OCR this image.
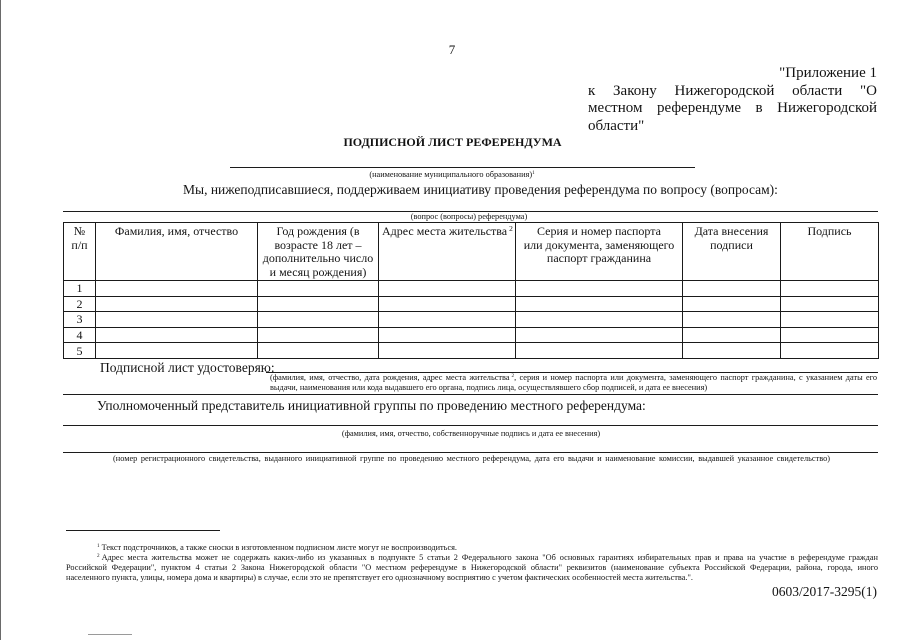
7
"Приложение 1
к Закону Нижегородской области "О
местном референдуме в Нижегородской
области"
ПОДПИСНОЙ ЛИСТ РЕФЕРЕНДУМА
(наименование муниципального образования)$^1$
Мы, нижеподписавшиеся, поддерживаем инициативу проведения референдума по вопросу (вопросам):
(вопрос (вопросы) референдума)
№
п/п	Фамилия, имя, отчество	Год рождения (в
возрасте 18 лет –
дополнительно число
и месяц рождения)	Адрес места жительства $^2$	Серия и номер паспорта
или документа, заменяющего
паспорт гражданина	Дата внесения
подписи	Подпись
1						
2						
3						
4						
5						
Подписной лист удостоверяю:
(фамилия, имя, отчество, дата рождения, адрес места жительства $^2$, серия и номер паспорта или документа, заменяющего паспорт гражданина, с указанием даты его
выдачи, наименования или кода выдавшего его органа, подпись лица, осуществлявшего сбор подписей, и дата ее внесения)
Уполномоченный представитель инициативной группы по проведению местного референдума:
(фамилия, имя, отчество, собственноручные подпись и дата ее внесения)
(номер регистрационного свидетельства, выданного инициативной группе по проведению местного референдума, дата его выдачи и наименование комиссии, выдавшей указанное свидетельство)
$^1$ Текст подстрочников, а также сноски в изготовленном подписном листе могут не воспроизводиться.
$^2$ Адрес места жительства может не содержать каких-либо из указанных в подпункте 5 статьи 2 Федерального закона "Об основных гарантиях избирательных прав и права на участие в референдуме граждан
Российской Федерации", пунктом 4 статьи 2 Закона Нижегородской области "О местном референдуме в Нижегородской области" реквизитов (наименование субъекта Российской Федерации, района, города, иного
населенного пункта, улицы, номера дома и квартиры) в случае, если это не препятствует его однозначному восприятию с учетом фактических особенностей места жительства.".
0603/2017-3295(1)
